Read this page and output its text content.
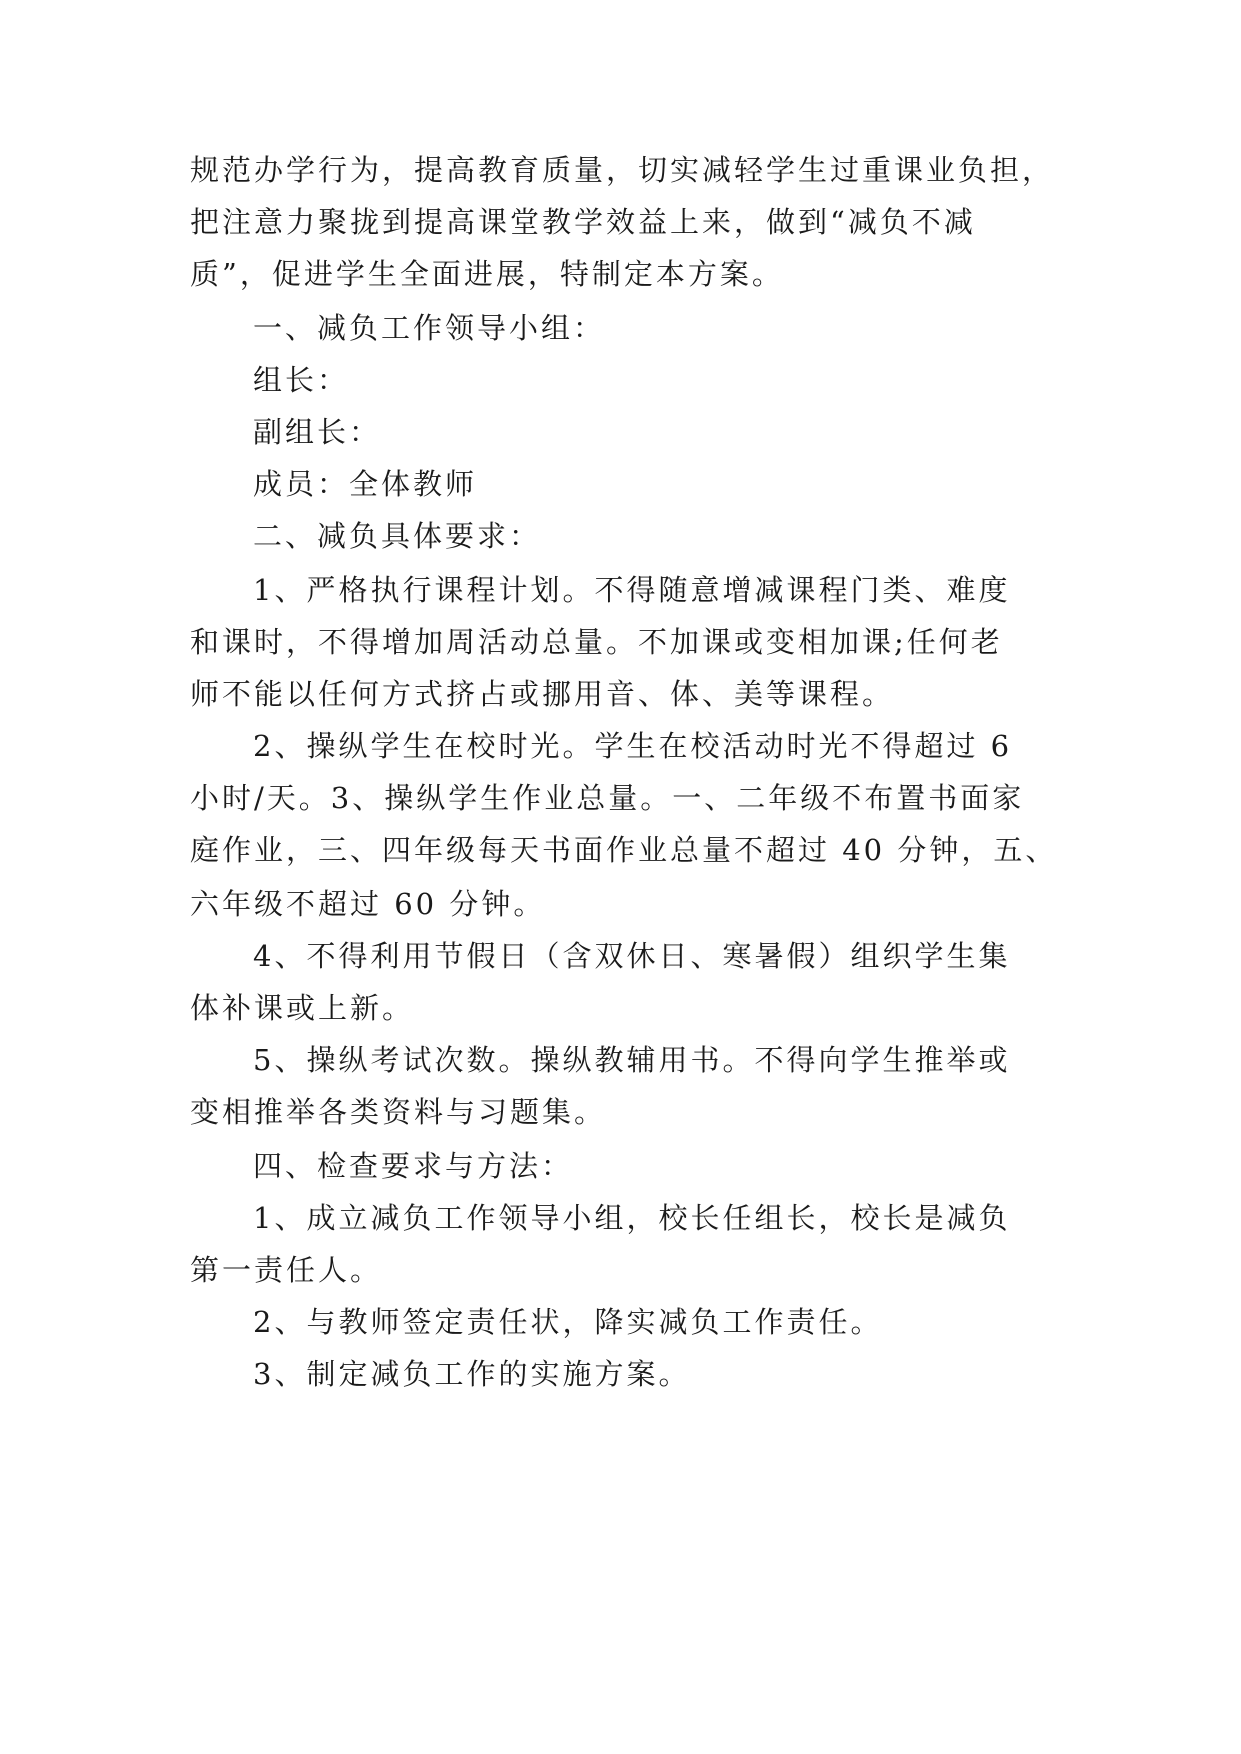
规范办学行为，提高教育质量，切实减轻学生过重课业负担，
把注意力聚拢到提高课堂教学效益上来，做到“减负不减
质”，促进学生全面进展，特制定本方案。
一、减负工作领导小组：
组长：
副组长：
成员：全体教师
二、减负具体要求：
1、严格执行课程计划。不得随意增减课程门类、难度
和课时，不得增加周活动总量。不加课或变相加课;任何老
师不能以任何方式挤占或挪用音、体、美等课程。
2、操纵学生在校时光。学生在校活动时光不得超过 6
小时/天。3、操纵学生作业总量。一、二年级不布置书面家
庭作业，三、四年级每天书面作业总量不超过 40 分钟，五、
六年级不超过 60 分钟。
4、不得利用节假日（含双休日、寒暑假）组织学生集
体补课或上新。
5、操纵考试次数。操纵教辅用书。不得向学生推举或
变相推举各类资料与习题集。
四、检查要求与方法：
1、成立减负工作领导小组，校长任组长，校长是减负
第一责任人。
2、与教师签定责任状，降实减负工作责任。
3、制定减负工作的实施方案。
